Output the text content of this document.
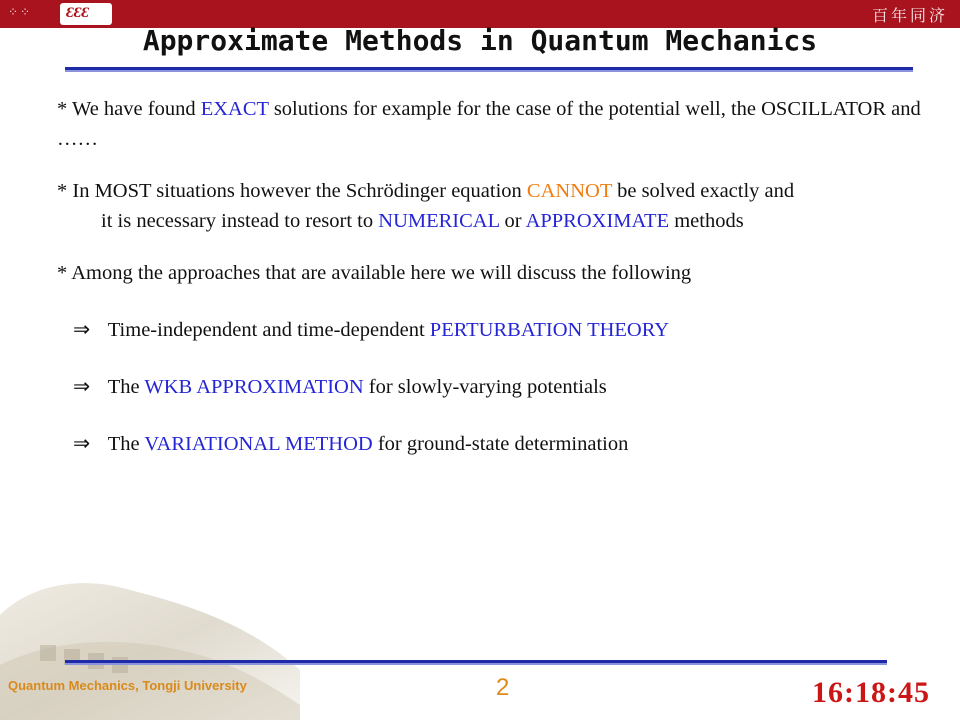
⁘⁘ ƐƐƐ	百年同济
Approximate Methods in Quantum Mechanics

* We have found EXACT solutions for example for the case of the potential well, the OSCILLATOR and ……

* In MOST situations however the Schrödinger equation CANNOT be solved exactly and

it is necessary instead to resort to NUMERICAL or APPROXIMATE methods

* Among the approaches that are available here we will discuss the following

⇒ Time-independent and time-dependent PERTURBATION THEORY

⇒ The WKB APPROXIMATION for slowly-varying potentials

⇒ The VARIATIONAL METHOD for ground-state determination

Quantum Mechanics, Tongji University	2	16:18:45
